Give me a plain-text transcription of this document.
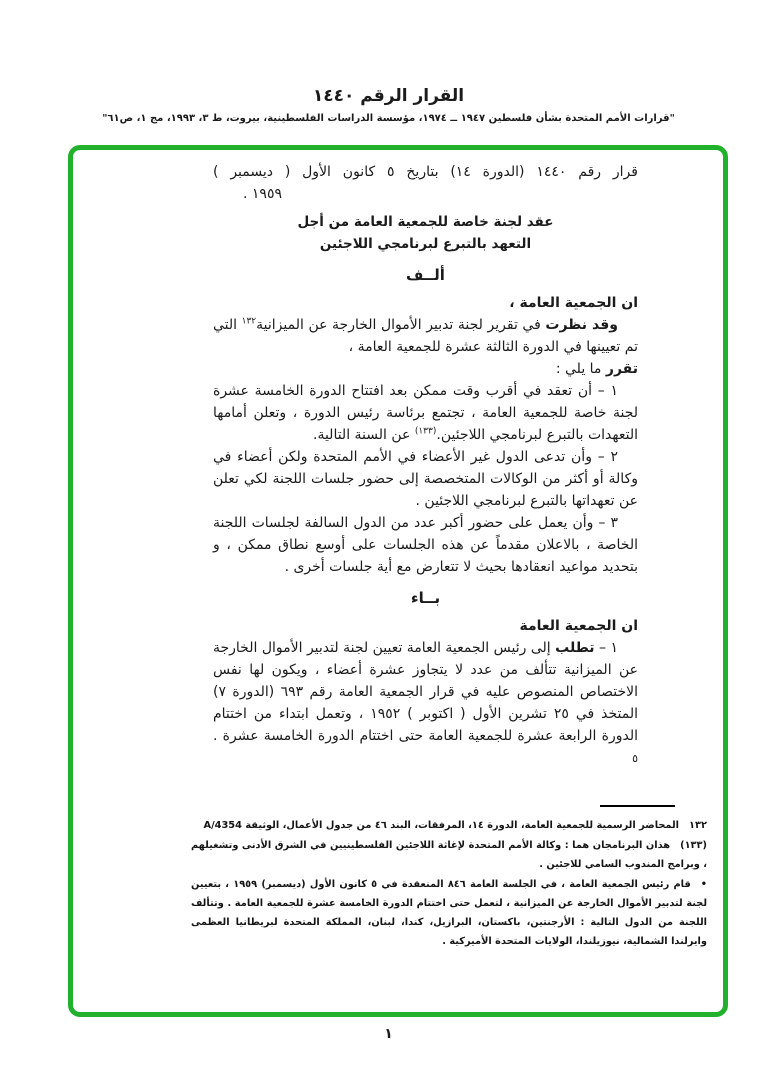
القرار الرقم ١٤٤٠
"قرارات الأمم المتحدة بشأن فلسطين ١٩٤٧ ــ ١٩٧٤، مؤسسة الدراسات الفلسطينية، بيروت، ط ٣، ١٩٩٣، مج ١، ص٦١"
قرار رقم ١٤٤٠ (الدورة ١٤) بتاريخ ٥ كانون الأول ( ديسمبر )
١٩٥٩ .
عقد لجنة خاصة للجمعية العامة من أجل
التعهد بالتبرع لبرنامجي اللاجئين
ألــف
ان الجمعية العامة ،

وقد نظرت في تقرير لجنة تدبير الأموال الخارجة عن الميزانية$^{١٣٢}$ التي تم تعيينها في الدورة الثالثة عشرة للجمعية العامة ،

تقرر ما يلي :

١ – أن تعقد في أقرب وقت ممكن بعد افتتاح الدورة الخامسة عشرة لجنة خاصة للجمعية العامة ، تجتمع برئاسة رئيس الدورة ، وتعلن أمامها التعهدات بالتبرع لبرنامجي اللاجئين.$^{(١٣٣)}$ عن السنة التالية.

٢ – وأن تدعى الدول غير الأعضاء في الأمم المتحدة ولكن أعضاء في وكالة أو أكثر من الوكالات المتخصصة إلى حضور جلسات اللجنة لكي تعلن عن تعهداتها بالتبرع لبرنامجي اللاجئين .

٣ – وأن يعمل على حضور أكبر عدد من الدول السالفة لجلسات اللجنة الخاصة ، بالاعلان مقدماً عن هذه الجلسات على أوسع نطاق ممكن ، و بتحديد مواعيد انعقادها بحيث لا تتعارض مع أية جلسات أخرى .

بــاء
ان الجمعية العامة

١ – تطلب إلى رئيس الجمعية العامة تعيين لجنة لتدبير الأموال الخارجة عن الميزانية تتألف من عدد لا يتجاوز عشرة أعضاء ، ويكون لها نفس الاختصاص المنصوص عليه في قرار الجمعية العامة رقم ٦٩٣ (الدورة ٧) المتخذ في ٢٥ تشرين الأول ( اكتوبر ) ١٩٥٢ ، وتعمل ابتداء من اختتام الدورة الرابعة عشرة للجمعية العامة حتى اختتام الدورة الخامسة عشرة . ٥

١٣٢المحاضر الرسمية للجمعية العامة، الدورة ١٤، المرفقات، البند ٤٦ من جدول الأعمال، الوثيقة A/4354

(١٣٣)هذان البرنامجان هما : وكالة الأمم المتحدة لإغاثة اللاجئين الفلسطينيين في الشرق الأدنى وتشغيلهم ، وبرامج المندوب السامي للاجئين .

•قام رئيس الجمعية العامة ، في الجلسة العامة ٨٤٦ المنعقدة في ٥ كانون الأول (ديسمبر) ١٩٥٩ ، بتعيين لجنة لتدبير الأموال الخارجة عن الميزانية ، لتعمل حتى اختتام الدورة الخامسة عشرة للجمعية العامة . وتتألف اللجنة من الدول التالية : الأرجنتين، باكستان، البرازيل، كندا، لبنان، المملكة المتحدة لبريطانيا العظمى وايرلندا الشمالية، نيوزيلندا، الولايات المتحدة الأميركية .

١
